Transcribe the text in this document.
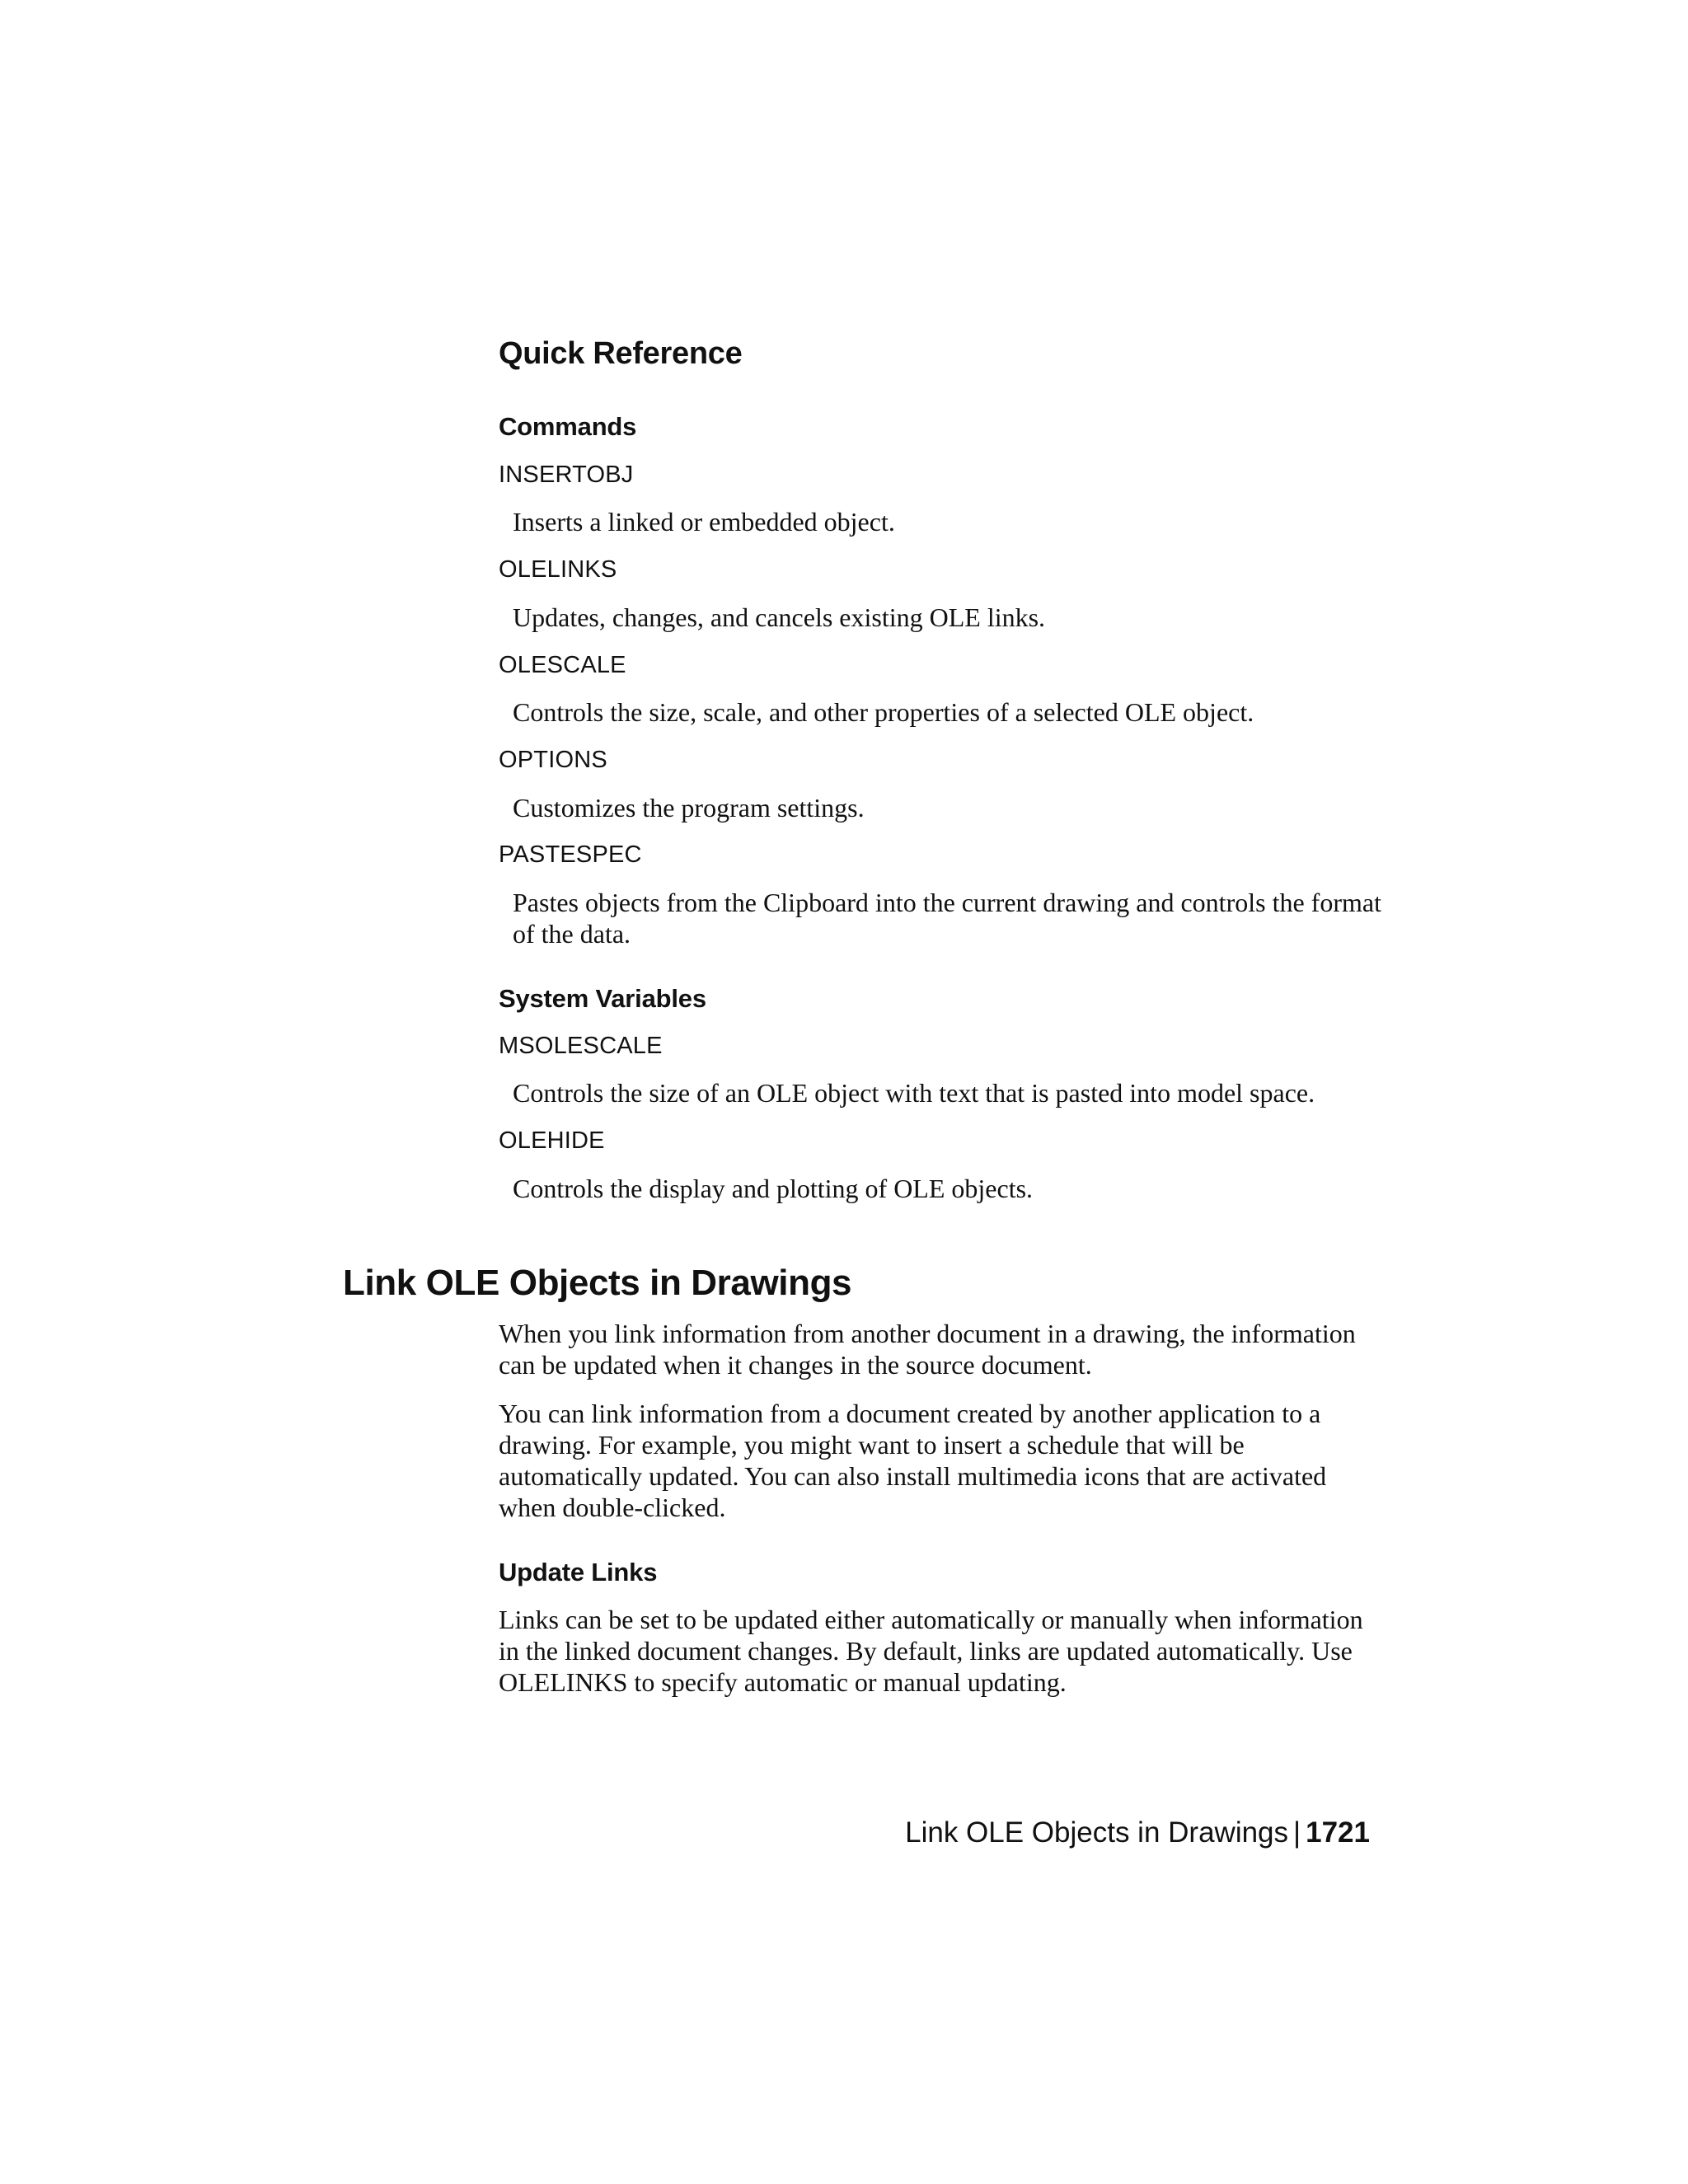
Quick Reference
Commands

INSERTOBJ

Inserts a linked or embedded object.

OLELINKS

Updates, changes, and cancels existing OLE links.

OLESCALE

Controls the size, scale, and other properties of a selected OLE object.

OPTIONS

Customizes the program settings.

PASTESPEC

Pastes objects from the Clipboard into the current drawing and controls the format of the data.

System Variables

MSOLESCALE

Controls the size of an OLE object with text that is pasted into model space.

OLEHIDE

Controls the display and plotting of OLE objects.

Link OLE Objects in Drawings

When you link information from another document in a drawing, the information can be updated when it changes in the source document.

You can link information from a document created by another application to a drawing. For example, you might want to insert a schedule that will be automatically updated. You can also install multimedia icons that are activated when double-clicked.

Update Links

Links can be set to be updated either automatically or manually when information in the linked document changes. By default, links are updated automatically. Use OLELINKS to specify automatic or manual updating.

Link OLE Objects in Drawings | 1721
